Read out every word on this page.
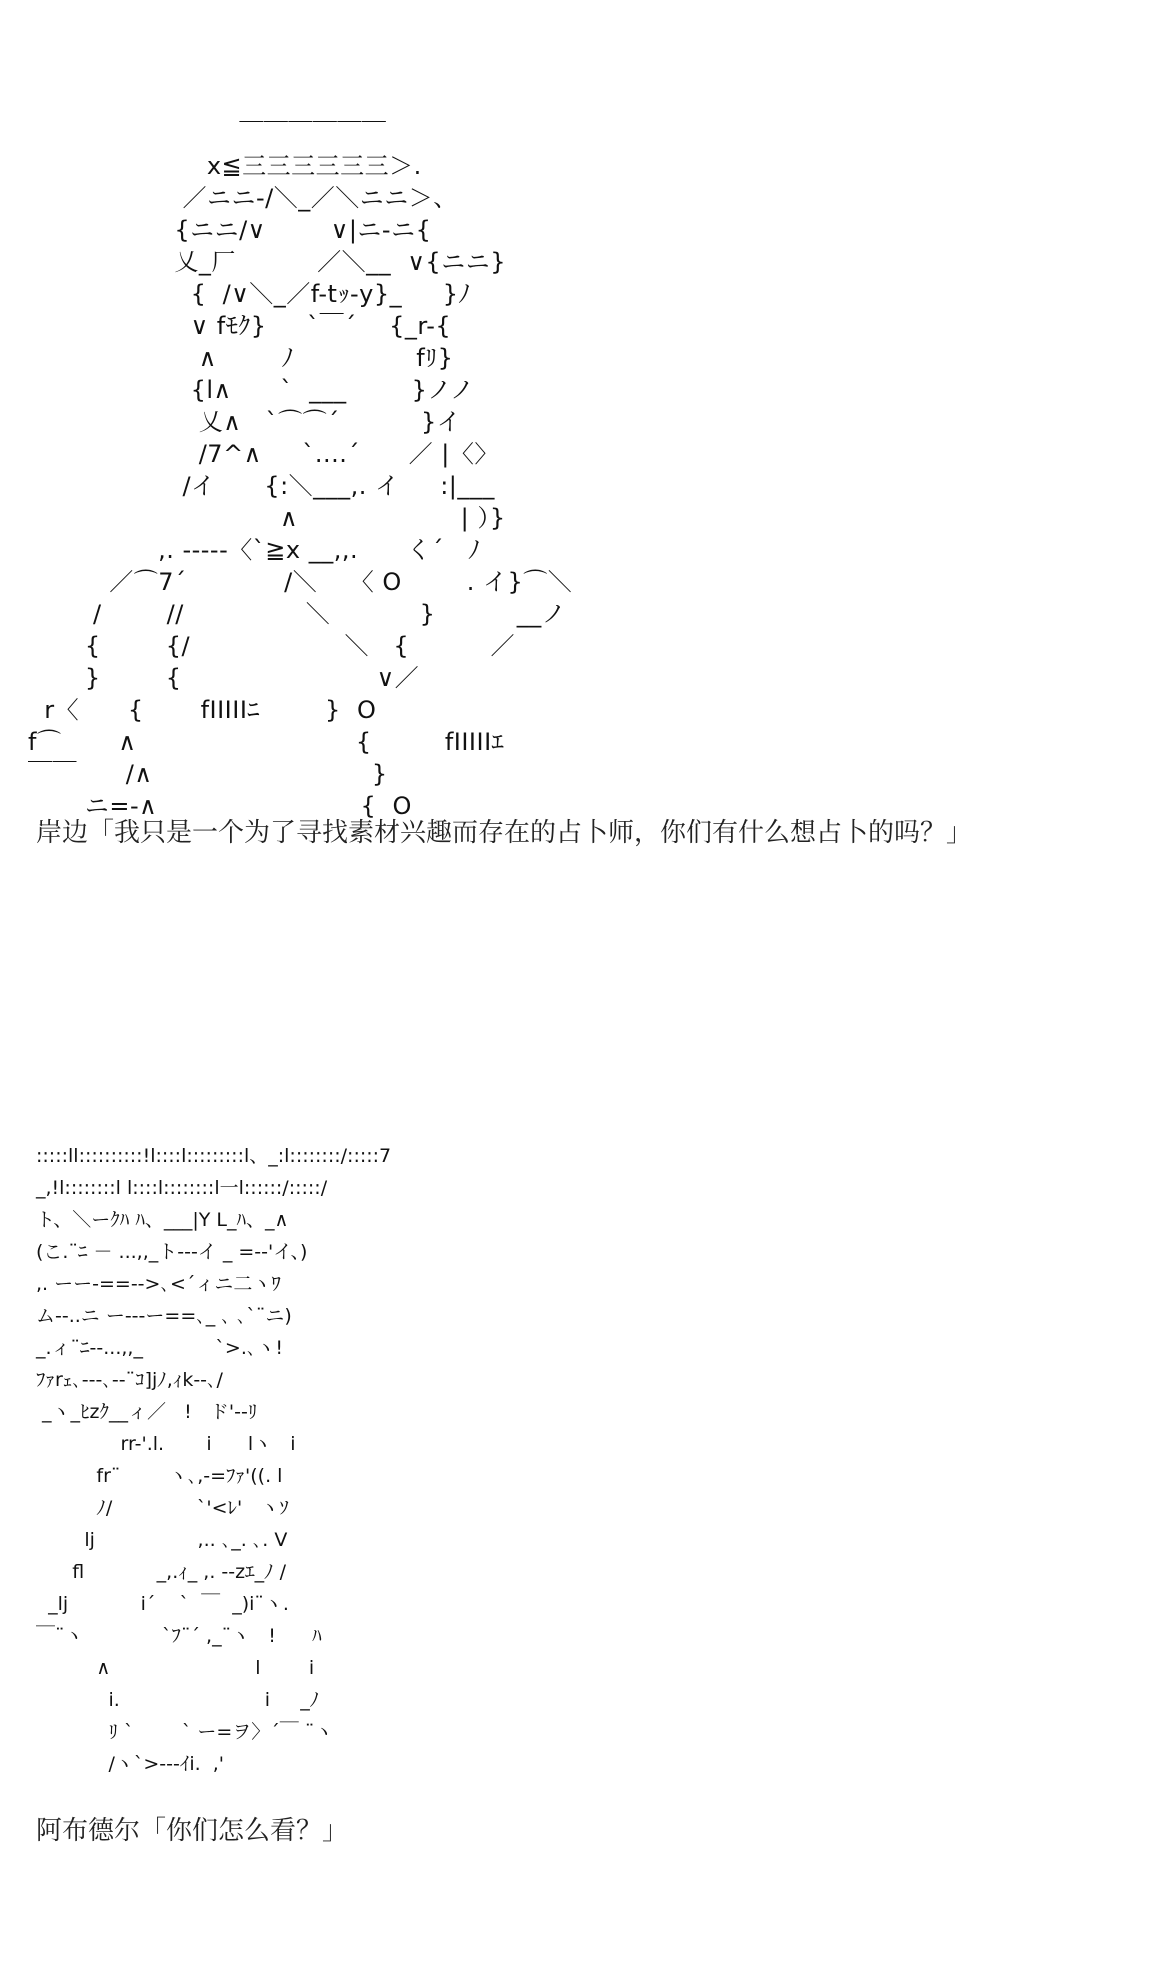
￣￣￣￣￣￣
x≦三三三三三三＞.
／ニニ-/＼_／＼ニニ＞、
{ニニ/∨        ∨|ニ-ニ{
乂_厂          ／＼__  ∨{ニニ}
{  /∨＼_／f-tｯ-y}_     }ﾉ
∨ fﾓｸ}     `￣´    {_r-{
∧        ﾉ               fﾘ}
{l∧      `  ___        }ノノ
乂∧   `⌒⌒´          }イ
/7^∧     `....´      ／ |〈〉
/イ      {:＼___,. イ     :|___
∧                    | ）}
,. -----〈`≧x __,,.      く´   ﾉ
／⌒7´            /＼    〈 O        . イ}⌒＼
/        //               ＼           }          __ノ
{        {/                   ＼   {          ／
}        {                        ∨／
r〈      {       fIIIIIﾆ        }  O
f⌒       ∧                           {         fIIIIIｴ
￣￣      /∧                           }
ニ=-∧                         {  O

岸边「我只是一个为了寻找素材兴趣而存在的占卜师，你们有什么想占卜的吗？」

:::::ll::::::::::!l::::l:::::::::l、_:l::::::::/:::::7
_,!l::::::::l l::::l::::::::l一l::::::/:::::/
ト、＼ーｸﾊ ﾊ、___|Y L_ﾊ、_∧
(こ.¨ﾆ － ...,,_ト---イ _ =--'イ、)
,. ーー-==-->､<´ィニ二ヽﾜ
ム--..ニ ー---ー==､_ ､ ､`¨ニ)
_.ィ¨ﾆ--...,,_            `>.､ヽ!
ﾌｧrｪ､---､--¨ｺ]jﾉ,ｨk--､/
_ヽ_ﾋzｸ__ィ／   !   ド'--ﾘ
rr-'.l.       i      lヽ   i
fr¨        ヽ､,-=ﾌｧ'((. l
ﾉ/              `'<ﾚ'   ヽｿ
lj                 ,.. ､_. ､. V
fl            _,.ｨ_ ,. --zｴ_ﾉ /
_lj            i´    `  ￣  _)i¨ヽ.
￣¨ヽ             `ﾌ¨´ ,_¨ヽ   !      ﾊ
∧                        l        i
i.                        i     _ﾉ
ﾘ `        ` ー=ヲ〉´￣ ¨ヽ
/ヽ`>---ｲi.  ,'

阿布德尔「你们怎么看？」
